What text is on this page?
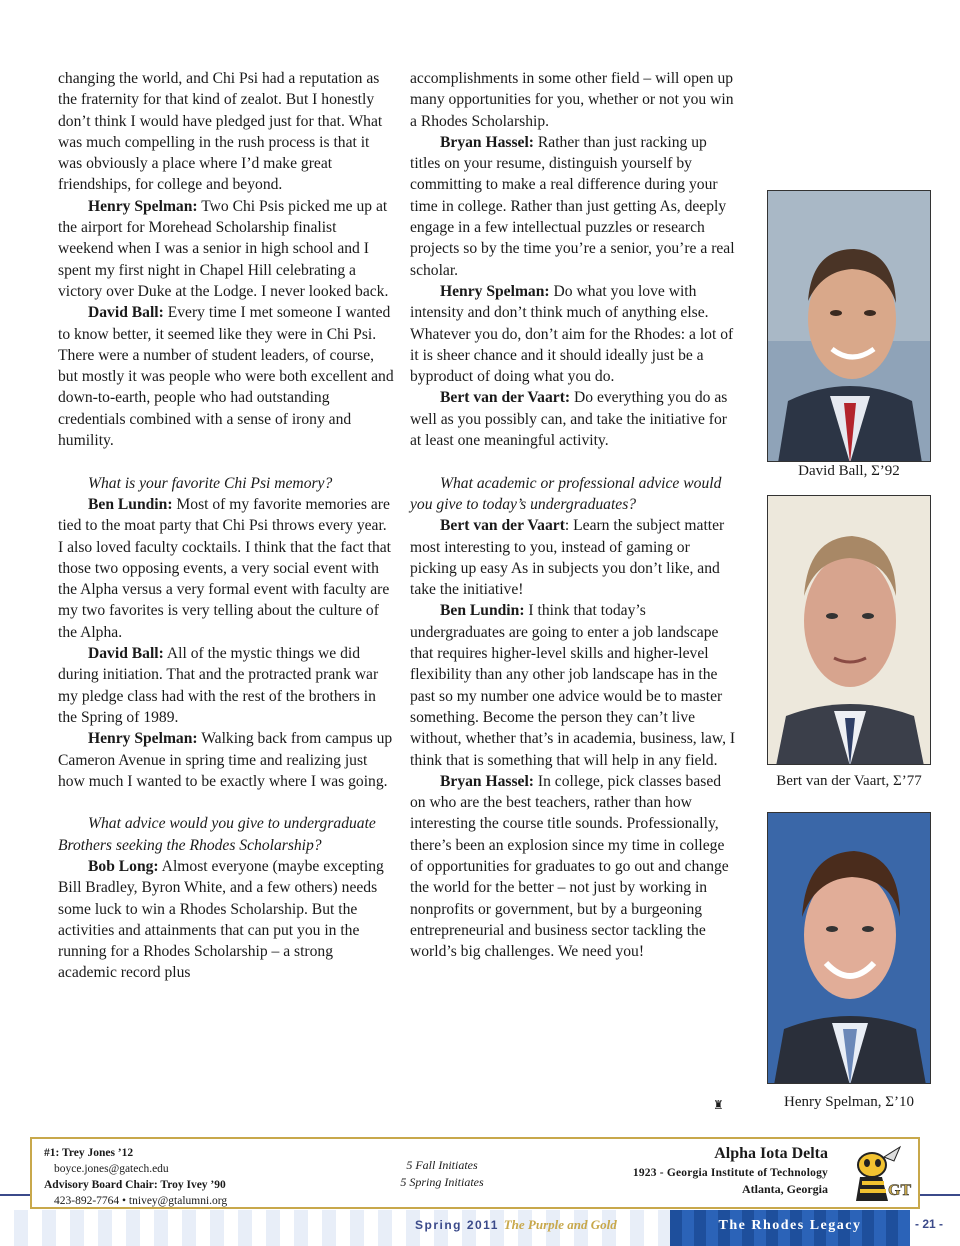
changing the world, and Chi Psi had a reputation as the fraternity for that kind of zealot. But I honestly don’t think I would have pledged just for that. What was much compelling in the rush process is that it was obviously a place where I’d make great friendships, for college and beyond.

Henry Spelman: Two Chi Psis picked me up at the airport for Morehead Scholarship finalist weekend when I was a senior in high school and I spent my first night in Chapel Hill celebrating a victory over Duke at the Lodge. I never looked back.

David Ball: Every time I met someone I wanted to know better, it seemed like they were in Chi Psi. There were a number of student leaders, of course, but mostly it was people who were both excellent and down-to-earth, people who had outstanding credentials combined with a sense of irony and humility.

What is your favorite Chi Psi memory?

Ben Lundin: Most of my favorite memories are tied to the moat party that Chi Psi throws every year. I also loved faculty cocktails. I think that the fact that those two opposing events, a very social event with the Alpha versus a very formal event with faculty are my two favorites is very telling about the culture of the Alpha.

David Ball: All of the mystic things we did during initiation. That and the protracted prank war my pledge class had with the rest of the brothers in the Spring of 1989.

Henry Spelman: Walking back from campus up Cameron Avenue in spring time and realizing just how much I wanted to be exactly where I was going.

What advice would you give to undergraduate Brothers seeking the Rhodes Scholarship?

Bob Long: Almost everyone (maybe excepting Bill Bradley, Byron White, and a few others) needs some luck to win a Rhodes Scholarship. But the activities and attainments that can put you in the running for a Rhodes Scholarship – a strong academic record plus

accomplishments in some other field – will open up many opportunities for you, whether or not you win a Rhodes Scholarship.

Bryan Hassel: Rather than just racking up titles on your resume, distinguish yourself by committing to make a real difference during your time in college. Rather than just getting As, deeply engage in a few intellectual puzzles or research projects so by the time you’re a senior, you’re a real scholar.

Henry Spelman: Do what you love with intensity and don’t think much of anything else. Whatever you do, don’t aim for the Rhodes: a lot of it is sheer chance and it should ideally just be a byproduct of doing what you do.

Bert van der Vaart: Do everything you do as well as you possibly can, and take the initiative for at least one meaningful activity.

What academic or professional advice would you give to today’s undergraduates?

Bert van der Vaart: Learn the subject matter most interesting to you, instead of gaming or picking up easy As in subjects you don’t like, and take the initiative!

Ben Lundin: I think that today’s undergraduates are going to enter a job landscape that requires higher-level skills and higher-level flexibility than any other job landscape has in the past so my number one advice would be to master something. Become the person they can’t live without, whether that’s in academia, business, law, I think that is something that will help in any field.

Bryan Hassel: In college, pick classes based on who are the best teachers, rather than how interesting the course title sounds. Professionally, there’s been an explosion since my time in college of opportunities for graduates to go out and change the world for the better – not just by working in nonprofits or government, but by a burgeoning entrepreneurial and business sector tackling the world’s big challenges. We need you!

♜
David Ball, Σ’92
Bert van der Vaart, Σ’77
Henry Spelman, Σ’10
#1: Trey Jones ’12
boyce.jones@gatech.edu
Advisory Board Chair: Troy Ivey ’90
423-892-7764 • tnivey@gtalumni.org
5 Fall Initiates
5 Spring Initiates
Alpha Iota Delta
1923 - Georgia Institute of Technology
Atlanta, Georgia	GT
Spring 2011 The Purple and Gold	The Rhodes Legacy	- 21 -
